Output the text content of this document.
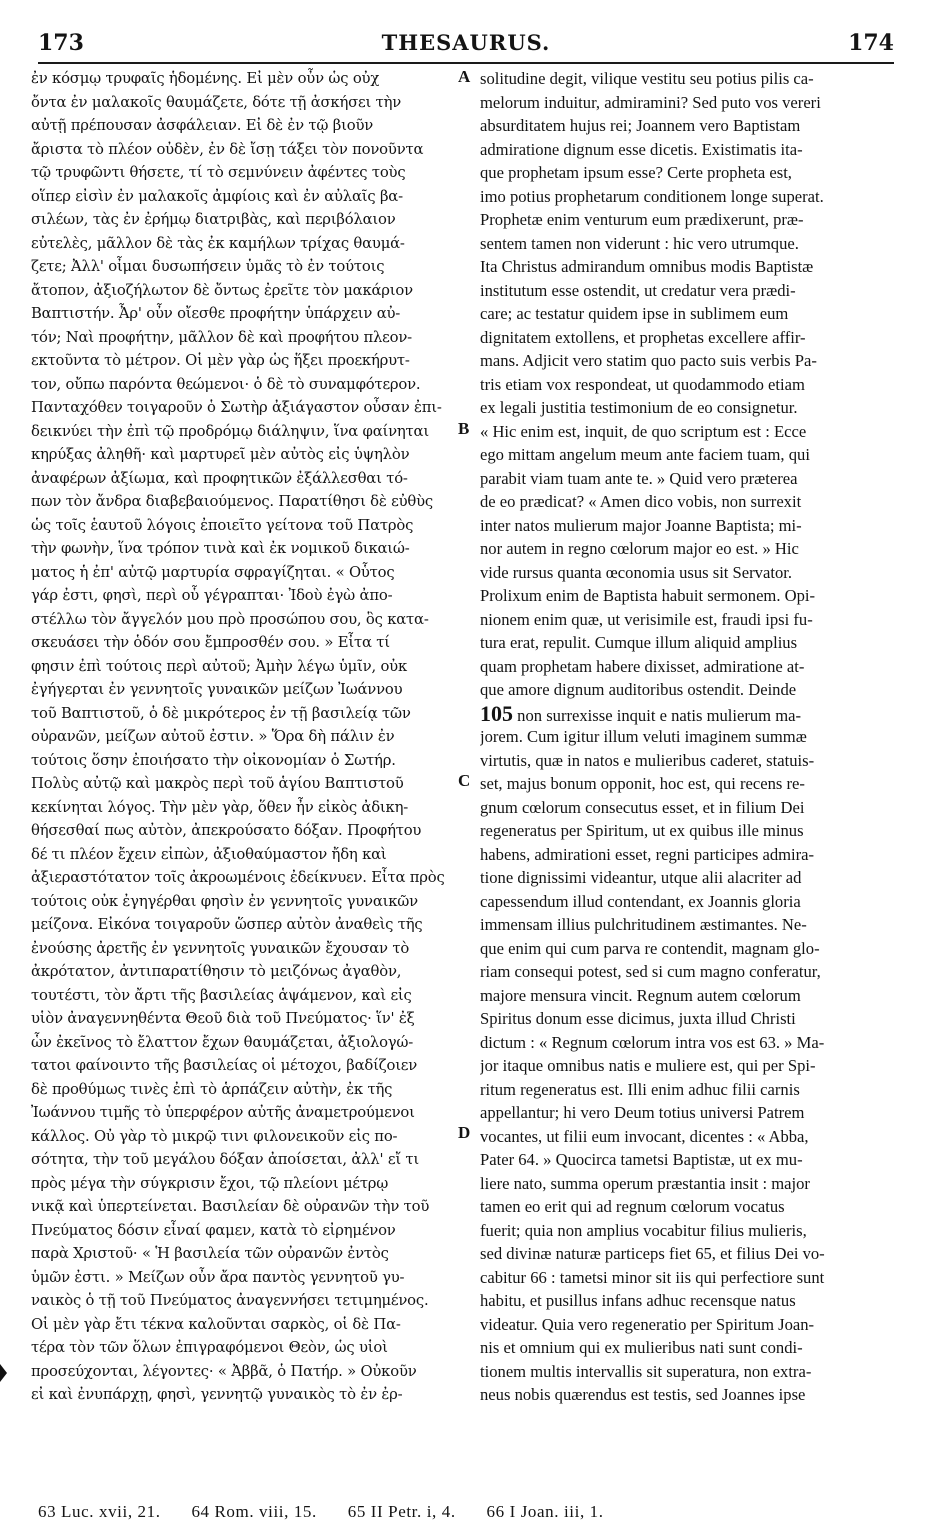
173	THESAURUS.	174
ἐν κόσμῳ τρυφαῖς ἡδομένης. Εἰ μὲν οὖν ὡς οὐχ
ὄντα ἐν μαλακοῖς θαυμάζετε, δότε τῇ ἀσκήσει τὴν
αὐτῇ πρέπουσαν ἀσφάλειαν. Εἰ δὲ ἐν τῷ βιοῦν
ἄριστα τὸ πλέον οὐδὲν, ἐν δὲ ἴσῃ τάξει τὸν πονοῦντα
τῷ τρυφῶντι θήσετε, τί τὸ σεμνύνειν ἀφέντες τοὺς
οἵπερ εἰσὶν ἐν μαλακοῖς ἀμφίοις καὶ ἐν αὐλαῖς βα-
σιλέων, τὰς ἐν ἐρήμῳ διατριβὰς, καὶ περιβόλαιον
εὐτελὲς, μᾶλλον δὲ τὰς ἐκ καμήλων τρίχας θαυμά-
ζετε; Ἀλλ' οἶμαι δυσωπήσειν ὑμᾶς τὸ ἐν τούτοις
ἄτοπον, ἀξιοζήλωτον δὲ ὄντως ἐρεῖτε τὸν μακάριον
Βαπτιστήν. Ἆρ' οὖν οἴεσθε προφήτην ὑπάρχειν αὐ-
τόν; Ναὶ προφήτην, μᾶλλον δὲ καὶ προφήτου πλεον-
εκτοῦντα τὸ μέτρον. Οἱ μὲν γὰρ ὡς ἥξει προεκήρυτ-
τον, οὔπω παρόντα θεώμενοι· ὁ δὲ τὸ συναμφότερον.
Πανταχόθεν τοιγαροῦν ὁ Σωτὴρ ἀξιάγαστον οὖσαν ἐπι-
δεικνύει τὴν ἐπὶ τῷ προδρόμῳ διάληψιν, ἵνα φαίνηται
κηρύξας ἀληθῆ· καὶ μαρτυρεῖ μὲν αὐτὸς εἰς ὑψηλὸν
ἀναφέρων ἀξίωμα, καὶ προφητικῶν ἐξάλλεσθαι τό-
πων τὸν ἄνδρα διαβεβαιούμενος. Παρατίθησι δὲ εὐθὺς
ὡς τοῖς ἑαυτοῦ λόγοις ἐποιεῖτο γείτονα τοῦ Πατρὸς
τὴν φωνὴν, ἵνα τρόπον τινὰ καὶ ἐκ νομικοῦ δικαιώ-
ματος ἡ ἐπ' αὐτῷ μαρτυρία σφραγίζηται. « Οὗτος
γάρ ἐστι, φησὶ, περὶ οὗ γέγραπται· Ἰδοὺ ἐγὼ ἀπο-
στέλλω τὸν ἄγγελόν μου πρὸ προσώπου σου, ὃς κατα-
σκευάσει τὴν ὁδόν σου ἔμπροσθέν σου. » Εἶτα τί
φησιν ἐπὶ τούτοις περὶ αὐτοῦ; Ἀμὴν λέγω ὑμῖν, οὐκ
ἐγήγερται ἐν γεννητοῖς γυναικῶν μείζων Ἰωάννου
τοῦ Βαπτιστοῦ, ὁ δὲ μικρότερος ἐν τῇ βασιλείᾳ τῶν
οὐρανῶν, μείζων αὐτοῦ ἐστιν. » Ὅρα δὴ πάλιν ἐν
τούτοις ὅσην ἐποιήσατο τὴν οἰκονομίαν ὁ Σωτήρ.
Πολὺς αὐτῷ καὶ μακρὸς περὶ τοῦ ἁγίου Βαπτιστοῦ
κεκίνηται λόγος. Τὴν μὲν γὰρ, ὅθεν ἦν εἰκὸς ἀδικη-
θήσεσθαί πως αὐτὸν, ἀπεκρούσατο δόξαν. Προφήτου
δέ τι πλέον ἔχειν εἰπὼν, ἀξιοθαύμαστον ἤδη καὶ
ἀξιεραστότατον τοῖς ἀκροωμένοις ἐδείκνυεν. Εἶτα πρὸς
τούτοις οὐκ ἐγηγέρθαι φησὶν ἐν γεννητοῖς γυναικῶν
μείζονα. Εἰκόνα τοιγαροῦν ὥσπερ αὐτὸν ἀναθεὶς τῆς
ἐνούσης ἀρετῆς ἐν γεννητοῖς γυναικῶν ἔχουσαν τὸ
ἀκρότατον, ἀντιπαρατίθησιν τὸ μειζόνως ἀγαθὸν,
τουτέστι, τὸν ἄρτι τῆς βασιλείας ἁψάμενον, καὶ εἰς
υἱὸν ἀναγεννηθέντα Θεοῦ διὰ τοῦ Πνεύματος· ἵν' ἐξ
ὧν ἐκεῖνος τὸ ἔλαττον ἔχων θαυμάζεται, ἀξιολογώ-
τατοι φαίνοιντο τῆς βασιλείας οἱ μέτοχοι, βαδίζοιεν
δὲ προθύμως τινὲς ἐπὶ τὸ ἁρπάζειν αὐτὴν, ἐκ τῆς
Ἰωάννου τιμῆς τὸ ὑπερφέρον αὐτῆς ἀναμετρούμενοι
κάλλος. Οὐ γὰρ τὸ μικρῷ τινι φιλονεικοῦν εἰς πο-
σότητα, τὴν τοῦ μεγάλου δόξαν ἀποίσεται, ἀλλ' εἴ τι
πρὸς μέγα τὴν σύγκρισιν ἔχοι, τῷ πλείονι μέτρῳ
νικᾷ καὶ ὑπερτείνεται. Βασιλείαν δὲ οὐρανῶν τὴν τοῦ
Πνεύματος δόσιν εἶναί φαμεν, κατὰ τὸ εἰρημένον
παρὰ Χριστοῦ· « Ἡ βασιλεία τῶν οὐρανῶν ἐντὸς
ὑμῶν ἐστι. » Μείζων οὖν ἄρα παντὸς γεννητοῦ γυ-
ναικὸς ὁ τῇ τοῦ Πνεύματος ἀναγεννήσει τετιμημένος.
Οἱ μὲν γὰρ ἔτι τέκνα καλοῦνται σαρκὸς, οἱ δὲ Πα-
τέρα τὸν τῶν ὅλων ἐπιγραφόμενοι Θεὸν, ὡς υἱοὶ
προσεύχονται, λέγοντες· « Ἀββᾶ, ὁ Πατήρ. » Οὐκοῦν
εἰ καὶ ἐνυπάρχῃ, φησὶ, γεννητῷ γυναικὸς τὸ ἐν ἐρ-
solitudine degit, vilique vestitu seu potius pilis ca-
melorum induitur, admiramini? Sed puto vos vereri
absurditatem hujus rei; Joannem vero Baptistam
admiratione dignum esse dicetis. Existimatis ita-
que prophetam ipsum esse? Certe propheta est,
imo potius prophetarum conditionem longe superat.
Prophetæ enim venturum eum prædixerunt, præ-
sentem tamen non viderunt : hic vero utrumque.
Ita Christus admirandum omnibus modis Baptistæ
institutum esse ostendit, ut credatur vera prædi-
care; ac testatur quidem ipse in sublimem eum
dignitatem extollens, et prophetas excellere affir-
mans. Adjicit vero statim quo pacto suis verbis Pa-
tris etiam vox respondeat, ut quodammodo etiam
ex legali justitia testimonium de eo consignetur.
« Hic enim est, inquit, de quo scriptum est : Ecce
ego mittam angelum meum ante faciem tuam, qui
parabit viam tuam ante te. » Quid vero præterea
de eo prædicat? « Amen dico vobis, non surrexit
inter natos mulierum major Joanne Baptista; mi-
nor autem in regno cœlorum major eo est. » Hic
vide rursus quanta œconomia usus sit Servator.
Prolixum enim de Baptista habuit sermonem. Opi-
nionem enim quæ, ut verisimile est, fraudi ipsi fu-
tura erat, repulit. Cumque illum aliquid amplius
quam prophetam habere dixisset, admiratione at-
que amore dignum auditoribus ostendit. Deinde
105 non surrexisse inquit e natis mulierum ma-
jorem. Cum igitur illum veluti imaginem summæ
virtutis, quæ in natos e mulieribus caderet, statuis-
set, majus bonum opponit, hoc est, qui recens re-
gnum cœlorum consecutus esset, et in filium Dei
regeneratus per Spiritum, ut ex quibus ille minus
habens, admirationi esset, regni participes admira-
tione dignissimi videantur, utque alii alacriter ad
capessendum illud contendant, ex Joannis gloria
immensam illius pulchritudinem æstimantes. Ne-
que enim qui cum parva re contendit, magnam glo-
riam consequi potest, sed si cum magno conferatur,
majore mensura vincit. Regnum autem cœlorum
Spiritus donum esse dicimus, juxta illud Christi
dictum : « Regnum cœlorum intra vos est 63. » Ma-
jor itaque omnibus natis e muliere est, qui per Spi-
ritum regeneratus est. Illi enim adhuc filii carnis
appellantur; hi vero Deum totius universi Patrem
vocantes, ut filii eum invocant, dicentes : « Abba,
Pater 64. » Quocirca tametsi Baptistæ, ut ex mu-
liere nato, summa operum præstantia insit : major
tamen eo erit qui ad regnum cœlorum vocatus
fuerit; quia non amplius vocabitur filius mulieris,
sed divinæ naturæ particeps fiet 65, et filius Dei vo-
cabitur 66 : tametsi minor sit iis qui perfectiore sunt
habitu, et pusillus infans adhuc recensque natus
videatur. Quia vero regeneratio per Spiritum Joan-
nis et omnium qui ex mulieribus nati sunt condi-
tionem multis intervallis sit superatura, non extra-
neus nobis quærendus est testis, sed Joannes ipse
A
B
C
D
63 Luc. xvii, 21. 64 Rom. viii, 15. 65 II Petr. i, 4. 66 I Joan. iii, 1.
